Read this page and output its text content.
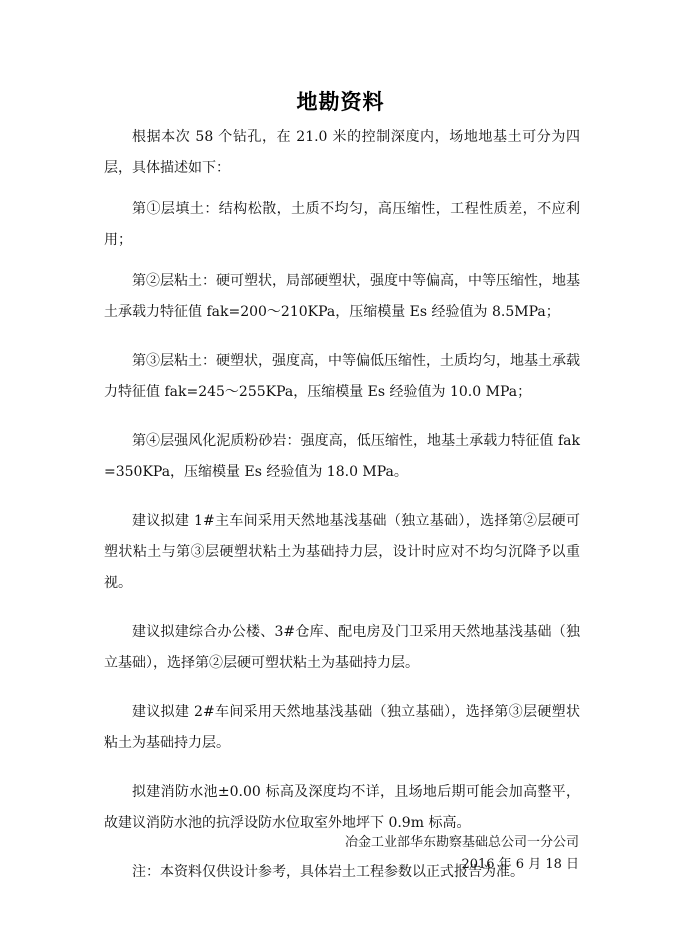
地勘资料

根据本次 58 个钻孔，在 21.0 米的控制深度内，场地地基土可分为四层，具体描述如下：

第①层填土：结构松散，土质不均匀，高压缩性，工程性质差，不应利用；

第②层粘土：硬可塑状，局部硬塑状，强度中等偏高，中等压缩性，地基土承载力特征值 fak=200～210KPa，压缩模量 Es 经验值为 8.5MPa；

第③层粘土：硬塑状，强度高，中等偏低压缩性，土质均匀，地基土承载力特征值 fak=245～255KPa，压缩模量 Es 经验值为 10.0 MPa；

第④层强风化泥质粉砂岩：强度高，低压缩性，地基土承载力特征值 fak=350KPa，压缩模量 Es 经验值为 18.0 MPa。

建议拟建 1#主车间采用天然地基浅基础（独立基础），选择第②层硬可塑状粘土与第③层硬塑状粘土为基础持力层，设计时应对不均匀沉降予以重视。

建议拟建综合办公楼、3#仓库、配电房及门卫采用天然地基浅基础（独立基础），选择第②层硬可塑状粘土为基础持力层。

建议拟建 2#车间采用天然地基浅基础（独立基础），选择第③层硬塑状粘土为基础持力层。

拟建消防水池±0.00 标高及深度均不详，且场地后期可能会加高整平，故建议消防水池的抗浮设防水位取室外地坪下 0.9m 标高。

注：本资料仅供设计参考，具体岩土工程参数以正式报告为准。

冶金工业部华东勘察基础总公司一分公司
2016 年 6 月 18 日
